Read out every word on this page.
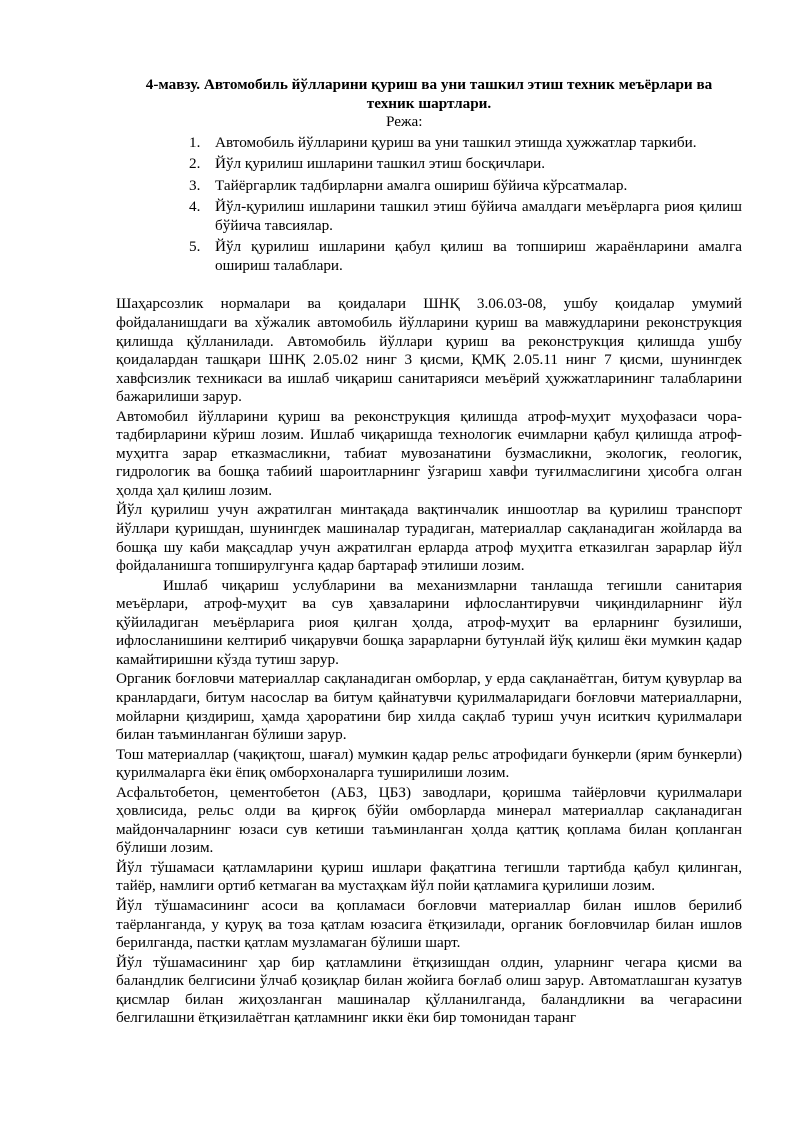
4-мавзу. Автомобиль йўлларини қуриш ва уни ташкил этиш техник меъёрлари ва техник шартлари.

Режа:

1. Автомобиль йўлларини қуриш ва уни ташкил этишда ҳужжатлар таркиби.
2. Йўл қурилиш ишларини ташкил этиш босқичлари.
3. Тайёргарлик тадбирларни амалга ошириш бўйича кўрсатмалар.
4. Йўл-қурилиш ишларини ташкил этиш бўйича амалдаги меъёрларга риоя қилиш бўйича тавсиялар.
5. Йўл қурилиш ишларини қабул қилиш ва топшириш жараёнларини амалга ошириш талаблари.

Шаҳарсозлик нормалари ва қоидалари ШНҚ 3.06.03-08, ушбу қоидалар умумий фойдаланишдаги ва хўжалик автомобиль йўлларини қуриш ва мавжудларини реконструкция қилишда қўлланилади. Автомобиль йўллари қуриш ва реконструкция қилишда ушбу қоидалардан ташқари ШНҚ 2.05.02 нинг 3 қисми, ҚМҚ 2.05.11 нинг 7 қисми, шунингдек хавфсизлик техникаси ва ишлаб чиқариш санитарияси меъёрий ҳужжатларининг талабларини бажарилиши зарур.

Автомобил йўлларини қуриш ва реконструкция қилишда атроф-муҳит муҳофазаси чора-тадбирларини кўриш лозим. Ишлаб чиқаришда технологик ечимларни қабул қилишда атроф-муҳитга зарар етказмасликни, табиат мувозанатини бузмасликни, экологик, геологик, гидрологик ва бошқа табиий шароитларнинг ўзгариш хавфи туғилмаслигини ҳисобга олган ҳолда ҳал қилиш лозим.

Йўл қурилиш учун ажратилган минтақада вақтинчалик иншоотлар ва қурилиш транспорт йўллари қуришдан, шунингдек машиналар турадиган, материаллар сақланадиган жойларда ва бошқа шу каби мақсадлар учун ажратилган ерларда атроф муҳитга етказилган зарарлар йўл фойдаланишга топширулгунга қадар бартараф этилиши лозим.

Ишлаб чиқариш услубларини ва механизмларни танлашда тегишли санитария меъёрлари, атроф-муҳит ва сув ҳавзаларини ифлослантирувчи чиқиндиларнинг йўл қўйиладиган меъёрларига риоя қилган ҳолда, атроф-муҳит ва ерларнинг бузилиши, ифлосланишини келтириб чиқарувчи бошқа зарарларни бутунлай йўқ қилиш ёки мумкин қадар камайтиришни кўзда тутиш зарур.

Органик боғловчи материаллар сақланадиган омборлар, у ерда сақланаётган, битум қувурлар ва кранлардаги, битум насослар ва битум қайнатувчи қурилмаларидаги боғловчи материалларни, мойларни қиздириш, ҳамда ҳароратини бир хилда сақлаб туриш учун иситкич қурилмалари билан таъминланган бўлиши зарур.

Тош материаллар (чақиқтош, шағал) мумкин қадар рельс атрофидаги бункерли (ярим бункерли) қурилмаларга ёки ёпиқ омборхоналарга туширилиши лозим.

Асфальтобетон, цементобетон (АБЗ, ЦБЗ) заводлари, қоришма тайёрловчи қурилмалари ҳовлисида, рельс олди ва қирғоқ бўйи омборларда минерал материаллар сақланадиган майдончаларнинг юзаси сув кетиши таъминланган ҳолда қаттиқ қоплама билан қопланган бўлиши лозим.

Йўл тўшамаси қатламларини қуриш ишлари фақатгина тегишли тартибда қабул қилинган, тайёр, намлиги ортиб кетмаган ва мустаҳкам йўл пойи қатламига қурилиши лозим.

Йўл тўшамасининг асоси ва қопламаси боғловчи материаллар билан ишлов берилиб таёрланганда, у қуруқ ва тоза қатлам юзасига ётқизилади, органик боғловчилар билан ишлов берилганда, пастки қатлам музламаган бўлиши шарт.

Йўл тўшамасининг ҳар бир қатламлини ётқизишдан олдин, уларнинг чегара қисми ва баландлик белгисини ўлчаб қозиқлар билан жойига боғлаб олиш зарур. Автоматлашган кузатув қисмлар билан жиҳозланган машиналар қўлланилганда, баландликни ва чегарасини белгилашни ётқизилаётган қатламнинг икки ёки бир томонидан таранг
